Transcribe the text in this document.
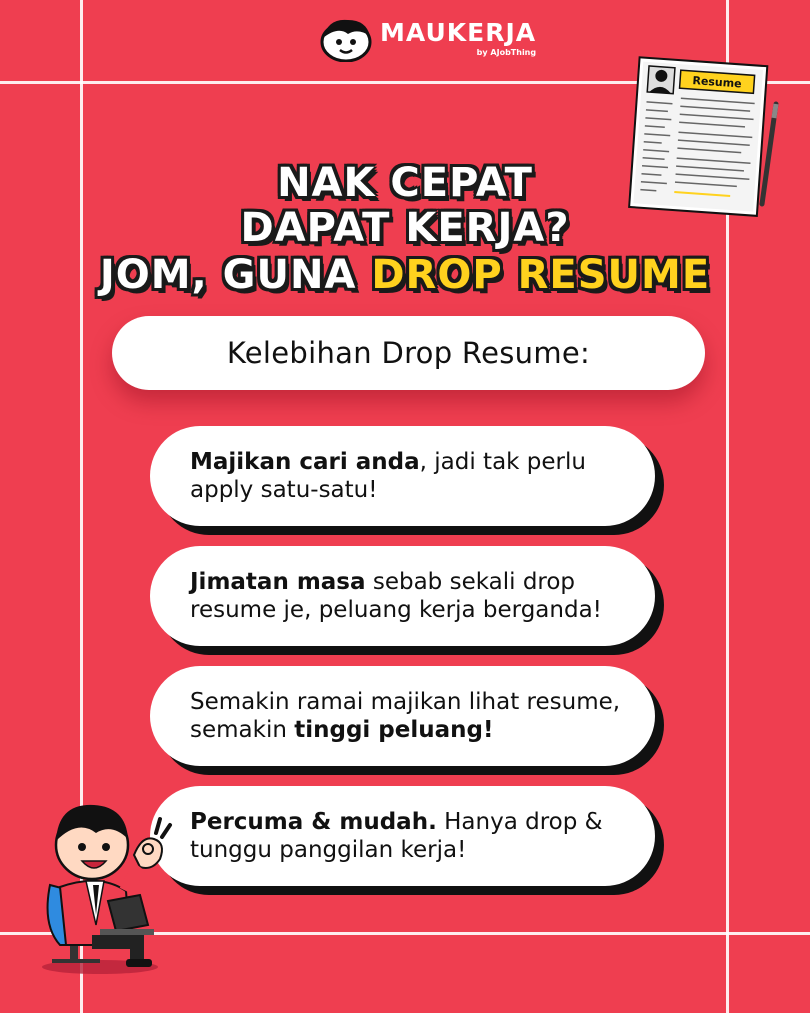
MAUKERJA
by AJobThing
Resume
NAK CEPAT
DAPAT KERJA?
JOM, GUNA DROP RESUME
Kelebihan Drop Resume:
Majikan cari anda, jadi tak perlu apply satu-satu!
Jimatan masa sebab sekali drop resume je, peluang kerja berganda!
Semakin ramai majikan lihat resume, semakin tinggi peluang!
Percuma & mudah. Hanya drop & tunggu panggilan kerja!
